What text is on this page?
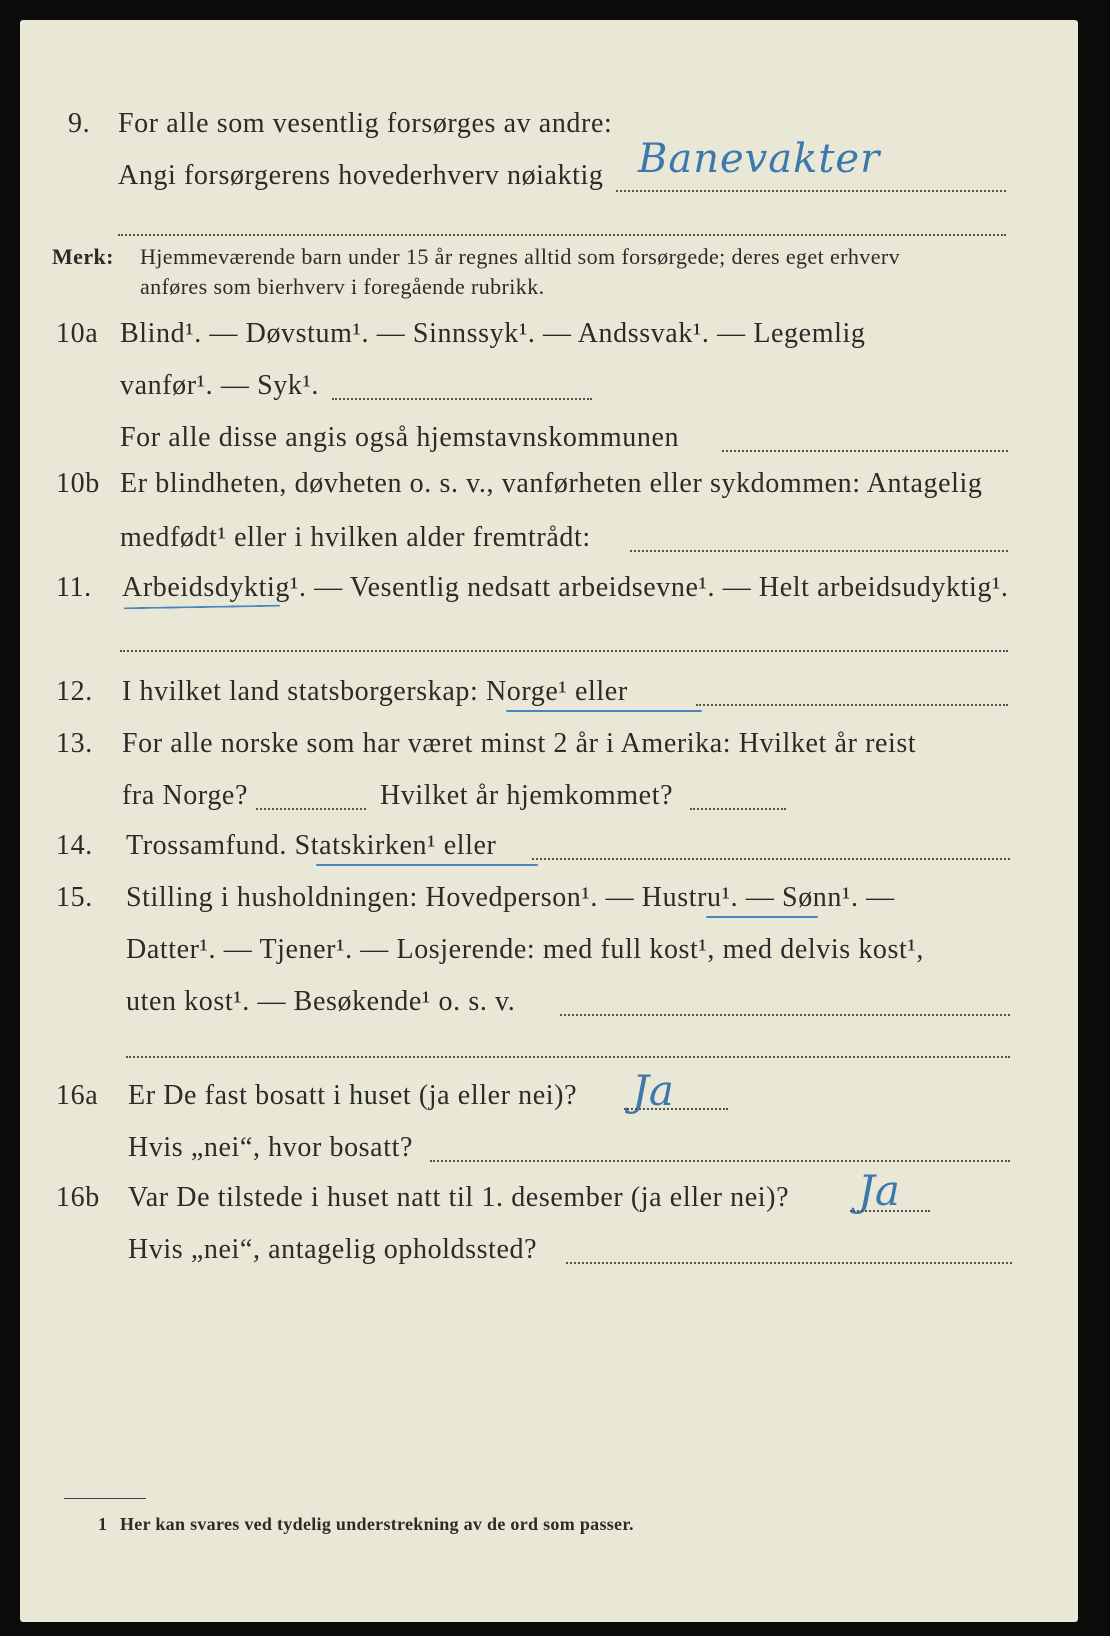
9. For alle som vesentlig forsørges av andre:
Angi forsørgerens hovederhverv nøiaktig Banevakter
Merk: Hjemmeværende barn under 15 år regnes alltid som forsørgede; deres eget erhverv
anføres som bierhverv i foregående rubrikk.
10a Blind¹. — Døvstum¹. — Sinnssyk¹. — Andssvak¹. — Legemlig
vanfør¹. — Syk¹.
For alle disse angis også hjemstavnskommunen
10b Er blindheten, døvheten o. s. v., vanførheten eller sykdommen: Antagelig
medfødt¹ eller i hvilken alder fremtrådt:
11. Arbeidsdyktig¹. — Vesentlig nedsatt arbeidsevne¹. — Helt arbeidsudyktig¹.
12. I hvilket land statsborgerskap: Norge¹ eller
13. For alle norske som har været minst 2 år i Amerika: Hvilket år reist
fra Norge?	Hvilket år hjemkommet?
14. Trossamfund. Statskirken¹ eller
15. Stilling i husholdningen: Hovedperson¹. — Hustru¹. — Sønn¹. —
Datter¹. — Tjener¹. — Losjerende: med full kost¹, med delvis kost¹,
uten kost¹. — Besøkende¹ o. s. v.
16a Er De fast bosatt i huset (ja eller nei)? Ja
Hvis „nei“, hvor bosatt?
16b Var De tilstede i huset natt til 1. desember (ja eller nei)? Ja
Hvis „nei“, antagelig opholdssted?
1 Her kan svares ved tydelig understrekning av de ord som passer.
